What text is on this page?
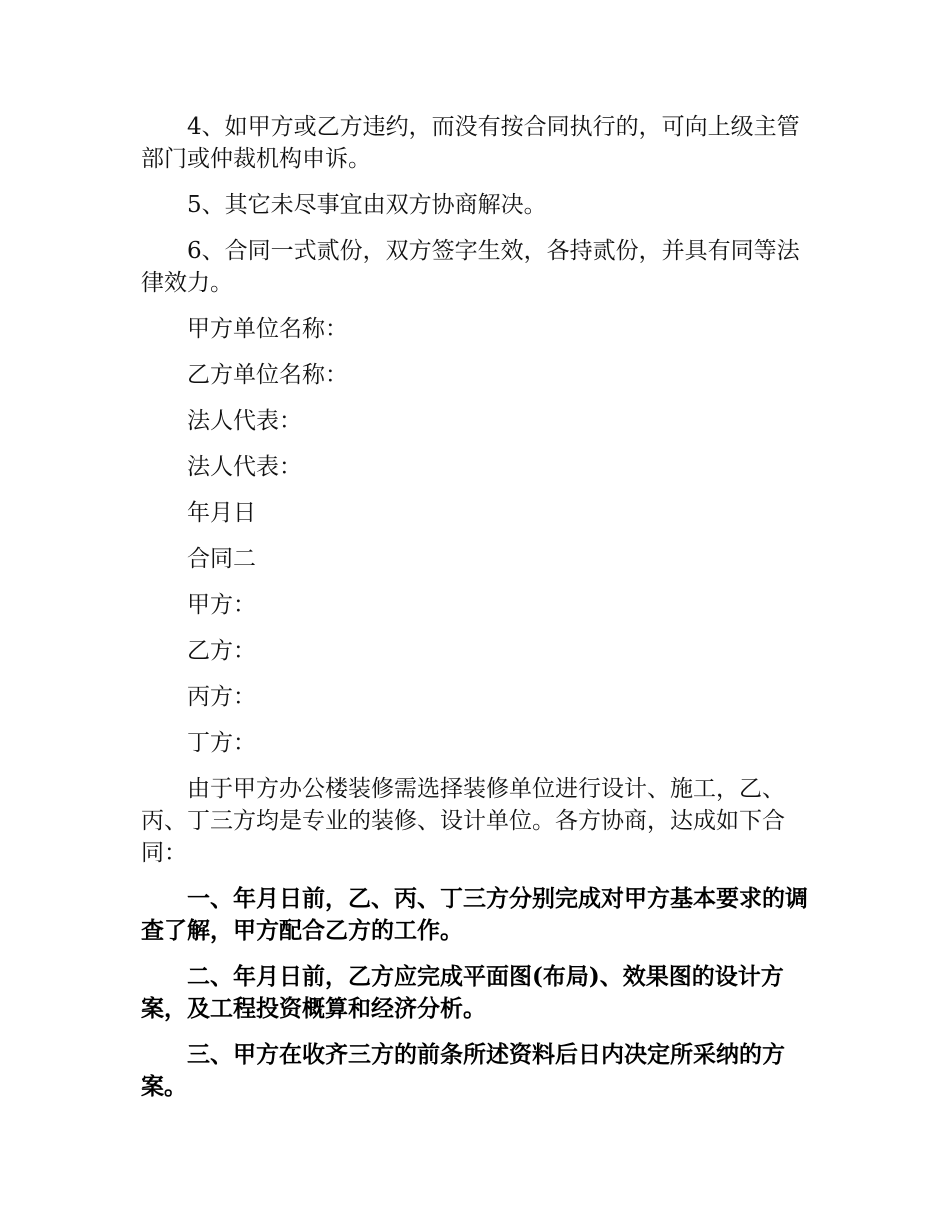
4、如甲方或乙方违约，而没有按合同执行的，可向上级主管部门或仲裁机构申诉。

5、其它未尽事宜由双方协商解决。

6、合同一式贰份，双方签字生效，各持贰份，并具有同等法律效力。

甲方单位名称：

乙方单位名称：

法人代表：

法人代表：

年月日

合同二

甲方：

乙方：

丙方：

丁方：

由于甲方办公楼装修需选择装修单位进行设计、施工，乙、丙、丁三方均是专业的装修、设计单位。各方协商，达成如下合同：

一、年月日前，乙、丙、丁三方分别完成对甲方基本要求的调查了解，甲方配合乙方的工作。

二、年月日前，乙方应完成平面图(布局)、效果图的设计方案，及工程投资概算和经济分析。

三、甲方在收齐三方的前条所述资料后日内决定所采纳的方案。
